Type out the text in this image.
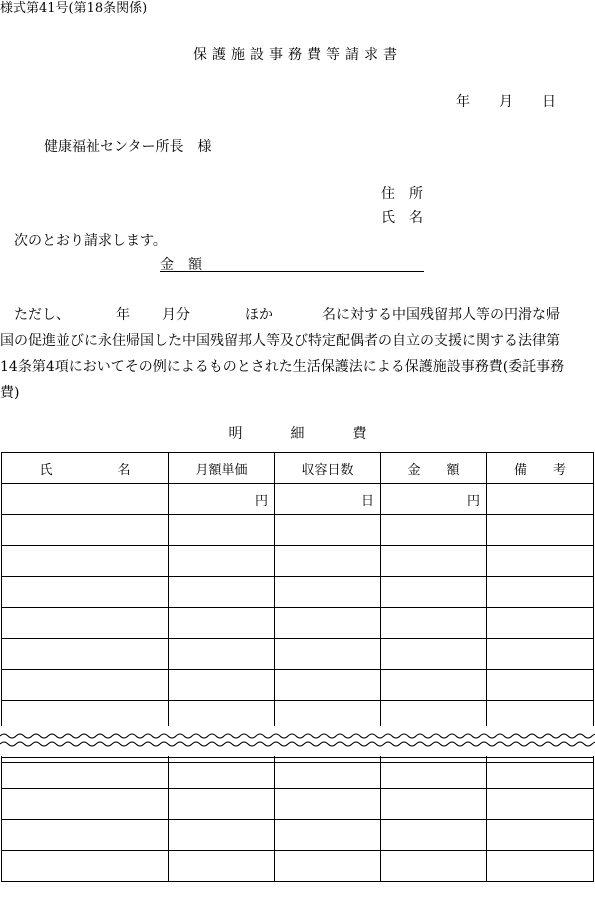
様式第41号(第18条関係)
保護施設事務費等請求書
年 月 日
健康福祉センター所長　様
住　所
氏　名
次のとおり請求します。
金　額
ただし、	年 月分	ほか	名に対する中国残留邦人等の円滑な帰
国の促進並びに永住帰国した中国残留邦人等及び特定配偶者の自立の支援に関する法律第
14条第4項においてその例によるものとされた生活保護法による保護施設事務費(委託事務
費)
明	細	費
氏　　　　　名	月額単価	収容日数	金　　額	備　　考
	円	日	円	
